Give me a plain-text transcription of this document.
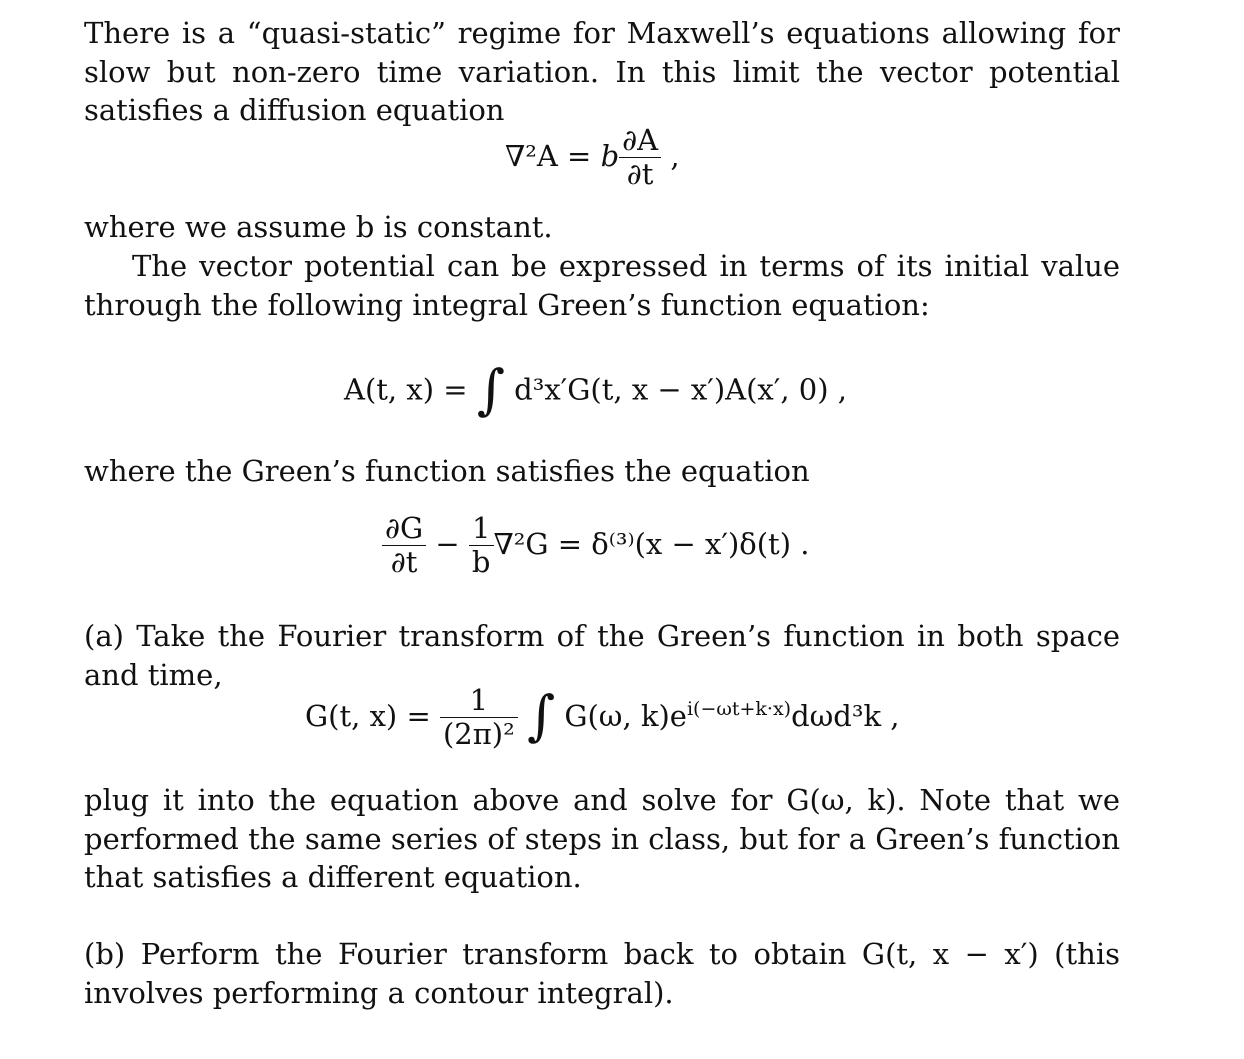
There is a “quasi-static” regime for Maxwell’s equations allowing for slow but non-zero time variation. In this limit the vector potential satisfies a diffusion equation

∇²A = b $\frac{\partial A}{\partial t}$ ,

where we assume b is constant.

The vector potential can be expressed in terms of its initial value through the following integral Green’s function equation:

A(t, x) = ∫ d³x′G(t, x − x′)A(x′, 0) ,

where the Green’s function satisfies the equation

$\frac{\partial G}{\partial t} - \frac{1}{b} \nabla^2G = \delta^{(3)}(x - x')\delta(t)$ .

(a) Take the Fourier transform of the Green’s function in both space and time,

G(t, $x) = \frac{1}{\text{(2π)²}}$ ∫ G(ω, $k)e^{i(-\omega t+k\cdot x)}d\omega d^3k$ ,

plug it into the equation above and solve for G(ω, k). Note that we performed the same series of steps in class, but for a Green’s function that satisfies a different equation.

(b) Perform the Fourier transform back to obtain G(t, x − x′) (this involves performing a contour integral).
